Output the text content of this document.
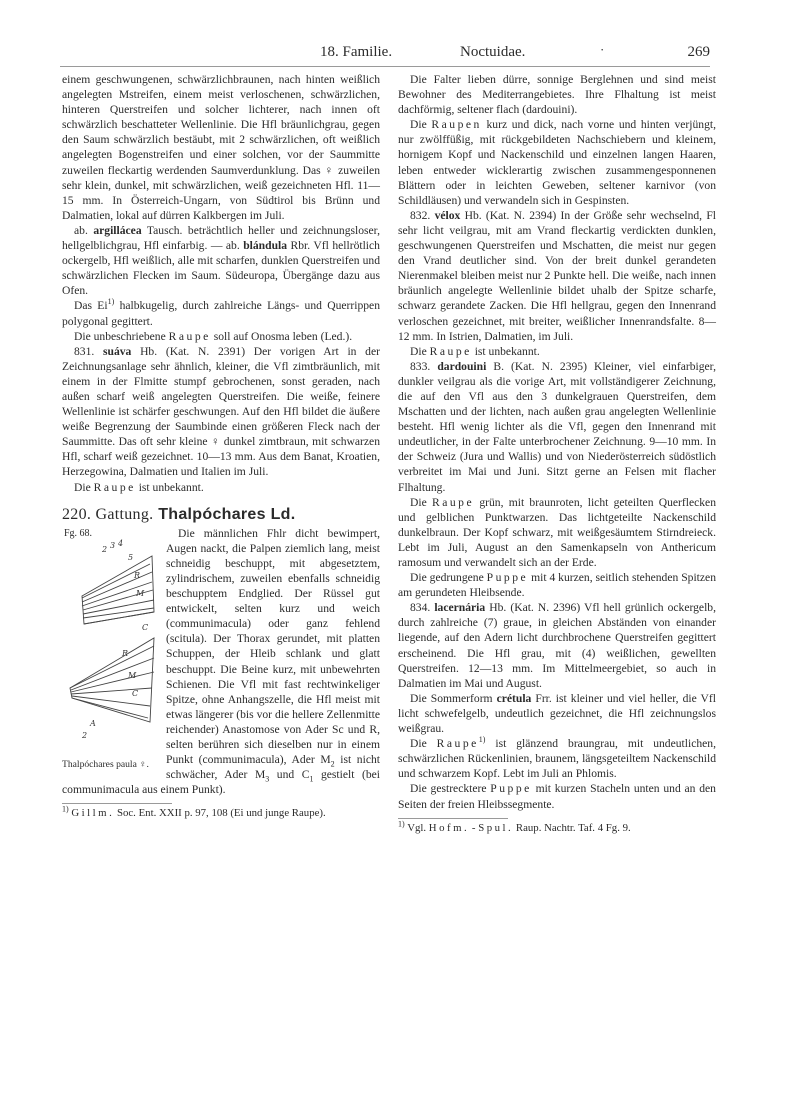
18. Familie.	Noctuidae.	·	269

einem geschwungenen, schwärzlichbraunen, nach hinten weißlich angelegten Mstreifen, einem meist verloschenen, schwärzlichen, hinteren Querstreifen und solcher lichterer, nach innen oft schwärzlich beschatteter Wellenlinie. Die Hfl bräunlichgrau, gegen den Saum schwärzlich bestäubt, mit 2 schwärzlichen, oft weißlich angelegten Bogenstreifen und einer solchen, vor der Saummitte zuweilen fleckartig werdenden Saumverdunklung. Das ♀ zuweilen sehr klein, dunkel, mit schwärzlichen, weiß gezeichneten Hfl. 11—15 mm. In Österreich-Ungarn, von Südtirol bis Brünn und Dalmatien, lokal auf dürren Kalkbergen im Juli.

ab. argillácea Tausch. beträchtlich heller und zeichnungsloser, hellgelblichgrau, Hfl einfarbig. — ab. blándula Rbr. Vfl hellrötlich ockergelb, Hfl weißlich, alle mit scharfen, dunklen Querstreifen und schwärzlichen Flecken im Saum. Südeuropa, Übergänge dazu aus Ofen.

Das Ei$^{1)}$ halbkugelig, durch zahlreiche Längs- und Querrippen polygonal gegittert.

Die unbeschriebene Raupe soll auf Onosma leben (Led.).

831. suáva Hb. (Kat. N. 2391) Der vorigen Art in der Zeichnungsanlage sehr ähnlich, kleiner, die Vfl zimtbräunlich, mit einem in der Flmitte stumpf gebrochenen, sonst geraden, nach außen scharf weiß angelegten Querstreifen. Die weiße, feinere Wellenlinie ist schärfer geschwungen. Auf den Hfl bildet die äußere weiße Begrenzung der Saumbinde einen größeren Fleck nach der Saummitte. Das oft sehr kleine ♀ dunkel zimtbraun, mit schwarzen Hfl, scharf weiß gezeichnet. 10—13 mm. Aus dem Banat, Kroatien, Herzegowina, Dalmatien und Italien im Juli.

Die Raupe ist unbekannt.

220. Gattung. Thalpóchares Ld.
Fg. 68.
2 3 4
5
R
M
C
R
M
C
A
2
Thalpóchares paula ♀.

Die männlichen Fhlr dicht bewimpert, Augen nackt, die Palpen ziemlich lang, meist schneidig beschuppt, mit abgesetztem, zylindrischem, zuweilen ebenfalls schneidig beschupptem Endglied. Der Rüssel gut entwickelt, selten kurz und weich (communimacula) oder ganz fehlend (scitula). Der Thorax gerundet, mit platten Schuppen, der Hleib schlank und glatt beschuppt. Die Beine kurz, mit unbewehrten Schienen. Die Vfl mit fast rechtwinkeliger Spitze, ohne Anhangszelle, die Hfl meist mit etwas längerer (bis vor die hellere Zellenmitte reichender) Anastomose von Ader Sc und R, selten berühren sich dieselben nur in einem Punkt (communimacula), Ader $M_2$ ist nicht schwächer, Ader $M_3$ und $C_1$ gestielt (bei communimacula aus einem Punkt).

$^{1)}$ Gillm. Soc. Ent. XXII p. 97, 108 (Ei und junge Raupe).

Die Falter lieben dürre, sonnige Berglehnen und sind meist Bewohner des Mediterrangebietes. Ihre Flhaltung ist meist dachförmig, seltener flach (dardouini).

Die Raupen kurz und dick, nach vorne und hinten verjüngt, nur zwölffüßig, mit rückgebildeten Nachschiebern und kleinem, hornigem Kopf und Nackenschild und einzelnen langen Haaren, leben entweder wicklerartig zwischen zusammengesponnenen Blättern oder in leichten Geweben, seltener karnivor (von Schildläusen) und verwandeln sich in Gespinsten.

832. vélox Hb. (Kat. N. 2394) In der Größe sehr wechselnd, Fl sehr licht veilgrau, mit am Vrand fleckartig verdickten dunklen, geschwungenen Querstreifen und Mschatten, die meist nur gegen den Vrand deutlicher sind. Von der breit dunkel gerandeten Nierenmakel bleiben meist nur 2 Punkte hell. Die weiße, nach innen bräunlich angelegte Wellenlinie bildet uhalb der Spitze scharfe, schwarz gerandete Zacken. Die Hfl hellgrau, gegen den Innenrand verloschen gezeichnet, mit breiter, weißlicher Innenrandsfalte. 8—12 mm. In Istrien, Dalmatien, im Juli.

Die Raupe ist unbekannt.

833. dardouini B. (Kat. N. 2395) Kleiner, viel einfarbiger, dunkler veilgrau als die vorige Art, mit vollständigerer Zeichnung, die auf den Vfl aus den 3 dunkelgrauen Querstreifen, dem Mschatten und der lichten, nach außen grau angelegten Wellenlinie besteht. Hfl wenig lichter als die Vfl, gegen den Innenrand mit undeutlicher, in der Falte unterbrochener Zeichnung. 9—10 mm. In der Schweiz (Jura und Wallis) und von Niederösterreich südöstlich verbreitet im Mai und Juni. Sitzt gerne an Felsen mit flacher Flhaltung.

Die Raupe grün, mit braunroten, licht geteilten Querflecken und gelblichen Punktwarzen. Das lichtgeteilte Nackenschild dunkelbraun. Der Kopf schwarz, mit weißgesäumtem Stirndreieck. Lebt im Juli, August an den Samenkapseln von Anthericum ramosum und verwandelt sich an der Erde.

Die gedrungene Puppe mit 4 kurzen, seitlich stehenden Spitzen am gerundeten Hleibsende.

834. lacernária Hb. (Kat. N. 2396) Vfl hell grünlich ockergelb, durch zahlreiche (7) graue, in gleichen Abständen von einander liegende, auf den Adern licht durchbrochene Querstreifen gegittert erscheinend. Die Hfl grau, mit (4) weißlichen, gewellten Querstreifen. 12—13 mm. Im Mittelmeergebiet, so auch in Dalmatien im Mai und August.

Die Sommerform crétula Frr. ist kleiner und viel heller, die Vfl licht schwefelgelb, undeutlich gezeichnet, die Hfl zeichnungslos weißgrau.

Die Raupe$^{1)}$ ist glänzend braungrau, mit undeutlichen, schwärzlichen Rückenlinien, braunem, längsgeteiltem Nackenschild und schwarzem Kopf. Lebt im Juli an Phlomis.

Die gestrecktere Puppe mit kurzen Stacheln unten und an den Seiten der freien Hleibssegmente.

$^{1)}$ Vgl. Hofm. - Spul. Raup. Nachtr. Taf. 4 Fg. 9.
